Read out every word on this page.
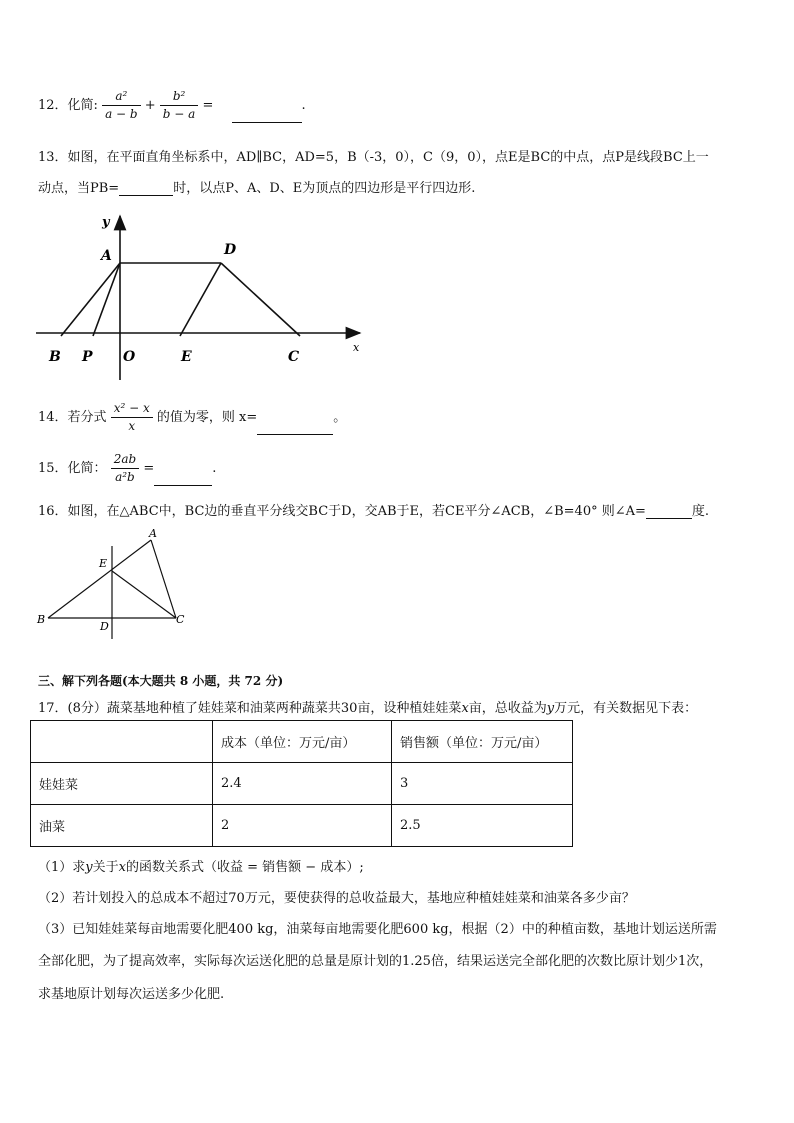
12．化简: $\frac{\text{a²}}{a - b} + \frac{\text{b²}}{b - a}$ =	.
13．如图，在平面直角坐标系中，AD∥BC，AD=5，B（-3，0），C（9，0），点E是BC的中点，点P是线段BC上一
动点，当PB=	时，以点P、A、D、E为顶点的四边形是平行四边形.
y
x
A	D
B P O	E	C
14．若分式 $\frac{\text{x² − x}}{x}$ 的值为零，则 x=	。
15．化简： $\frac{2ab}{\text{a²b}}$ =	.
16．如图，在△ABC中，BC边的垂直平分线交BC于D，交AB于E，若CE平分∠ACB，∠B=40° 则∠A=	度.
A
E
B
D
C
三、解下列各题(本大题共 8 小题，共 72 分)
17．(8分）蔬菜基地种植了娃娃菜和油菜两种蔬菜共30亩，设种植娃娃菜x亩，总收益为y万元，有关数据见下表：
	成本（单位：万元/亩）	销售额（单位：万元/亩）
娃娃菜	2.4	3
油菜	2	2.5
（1）求y关于x的函数关系式（收益 = 销售额 − 成本）;
（2）若计划投入的总成本不超过70万元，要使获得的总收益最大，基地应种植娃娃菜和油菜各多少亩？
（3）已知娃娃菜每亩地需要化肥400 kg，油菜每亩地需要化肥600 kg，根据（2）中的种植亩数，基地计划运送所需
全部化肥，为了提高效率，实际每次运送化肥的总量是原计划的1.25倍，结果运送完全部化肥的次数比原计划少1次，
求基地原计划每次运送多少化肥.
